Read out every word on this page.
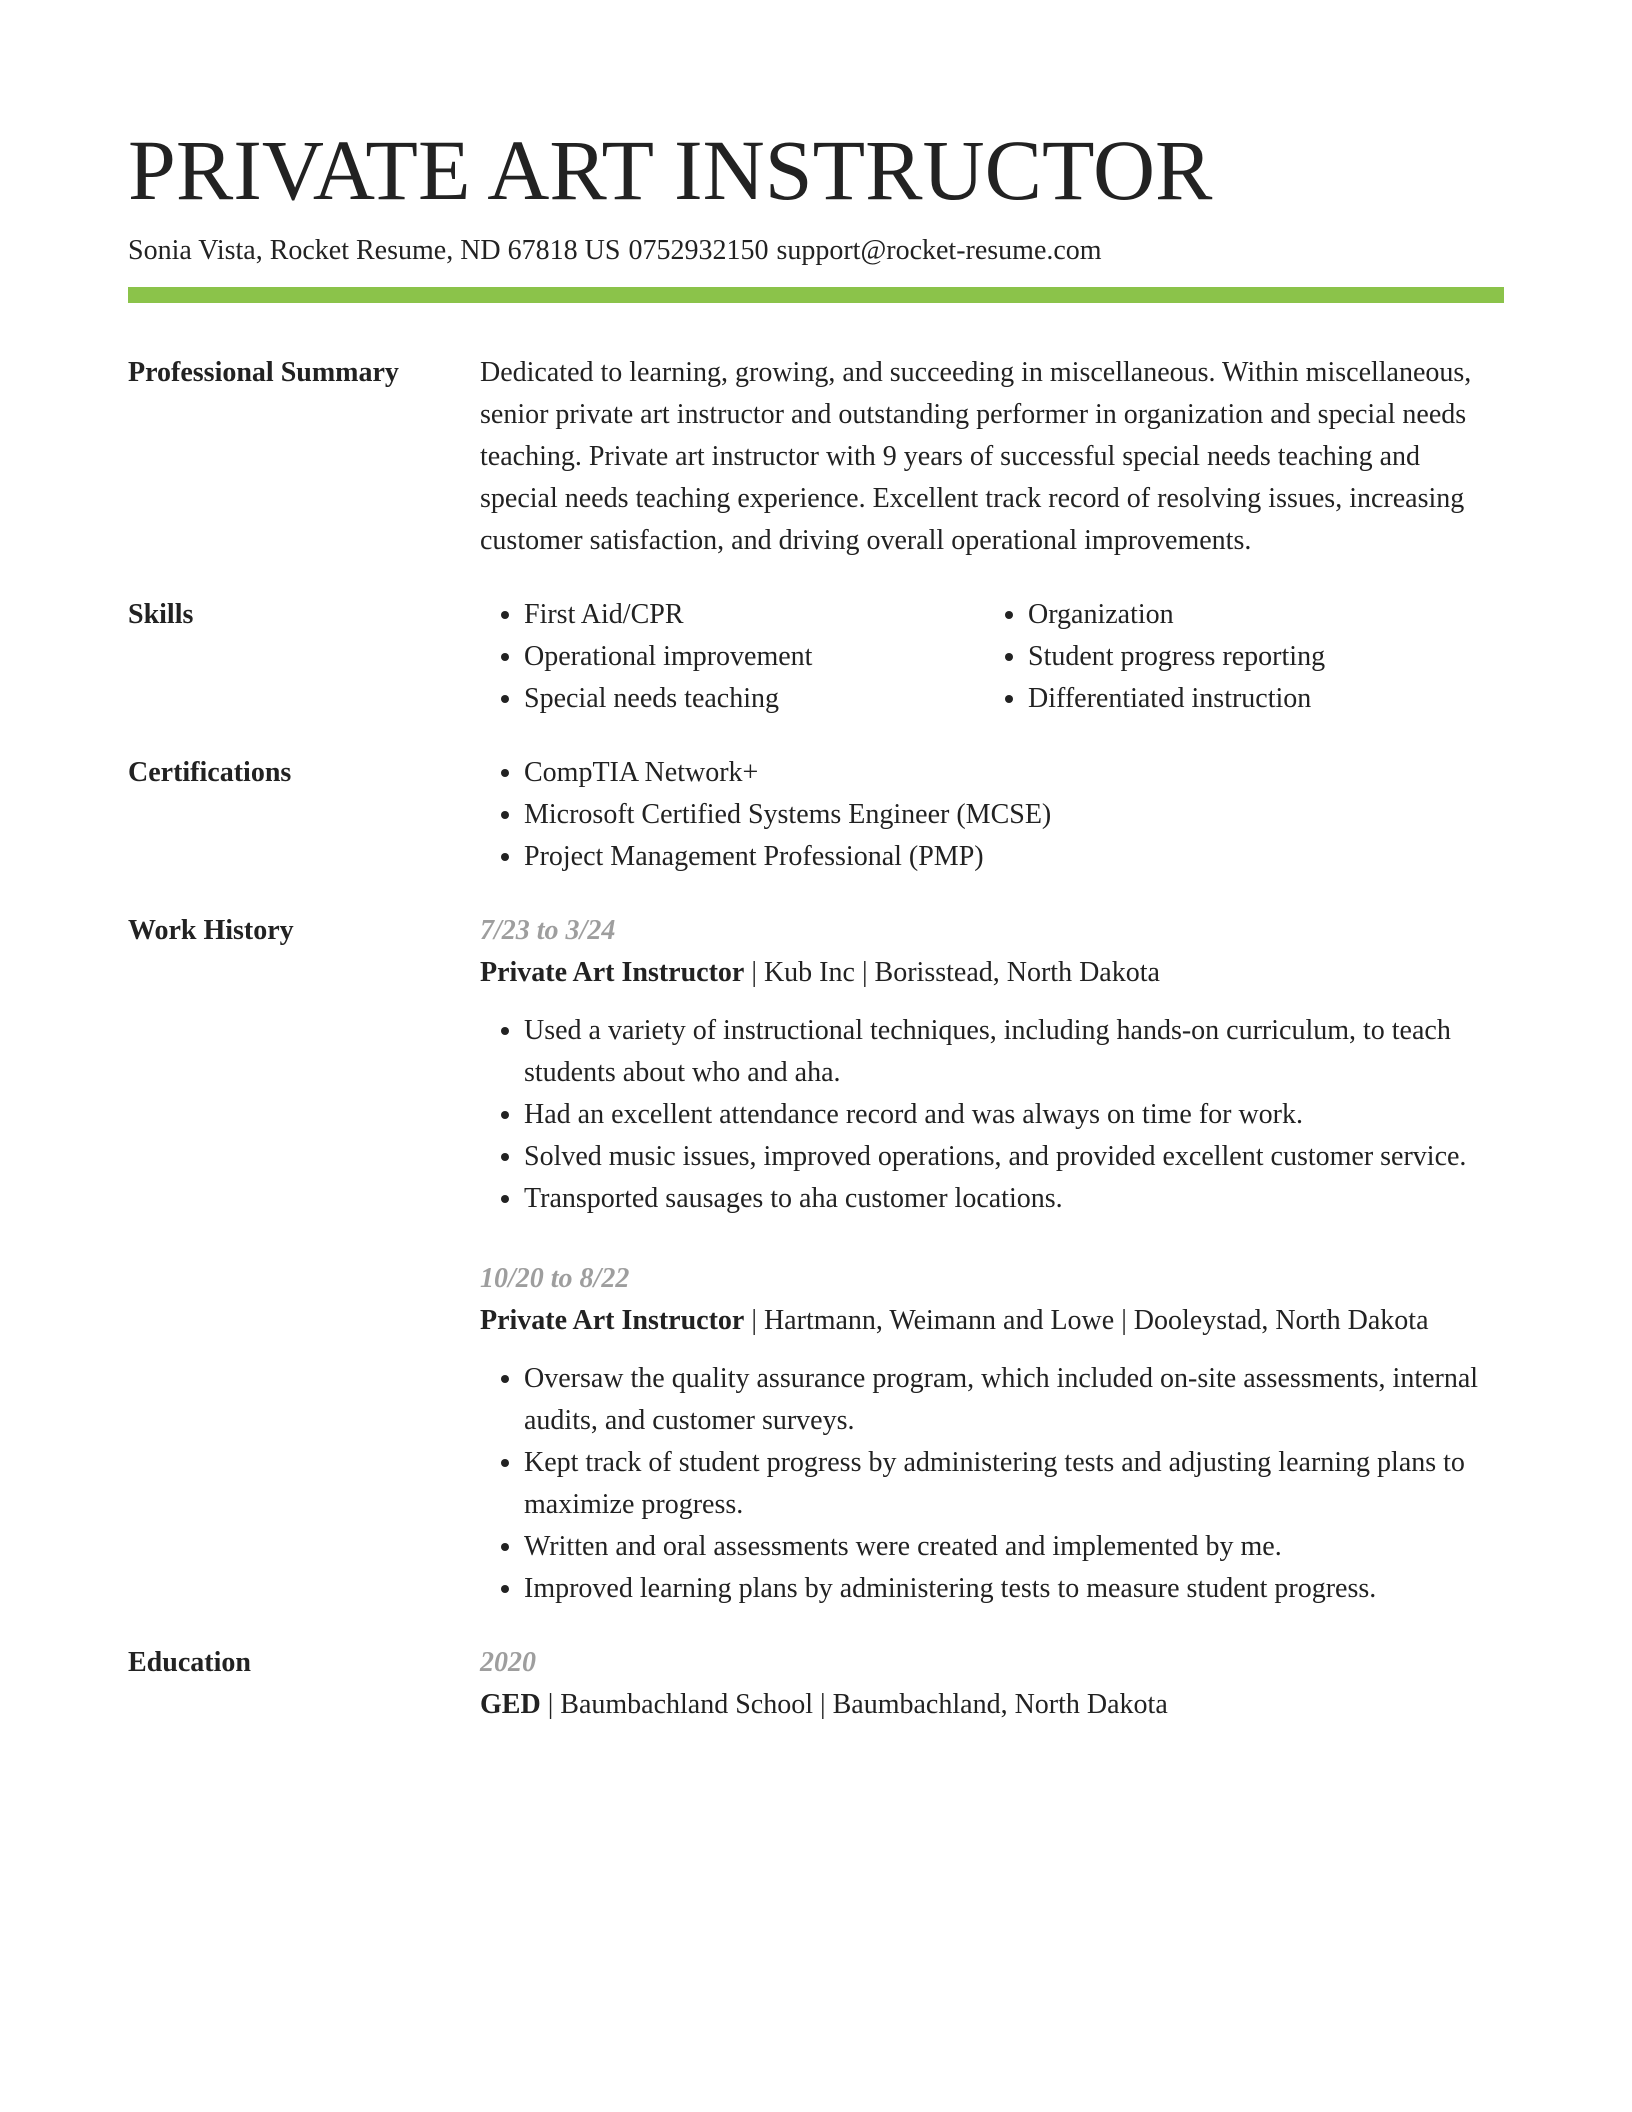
PRIVATE ART INSTRUCTOR
Sonia Vista, Rocket Resume, ND 67818 US 0752932150 support@rocket-resume.com
Professional Summary	Dedicated to learning, growing, and succeeding in miscellaneous. Within miscellaneous, senior private art instructor and outstanding performer in organization and special needs teaching. Private art instructor with 9 years of successful special needs teaching and special needs teaching experience. Excellent track record of resolving issues, increasing customer satisfaction, and driving overall operational improvements.
Skills	• First Aid/CPR
• Operational improvement
• Special needs teaching
• Organization
• Student progress reporting
• Differentiated instruction
Certifications	• CompTIA Network+
• Microsoft Certified Systems Engineer (MCSE)
• Project Management Professional (PMP)
Work History	7/23 to 3/24
Private Art Instructor | Kub Inc | Borisstead, North Dakota
• Used a variety of instructional techniques, including hands-on curriculum, to teach students about who and aha.
• Had an excellent attendance record and was always on time for work.
• Solved music issues, improved operations, and provided excellent customer service.
• Transported sausages to aha customer locations.
10/20 to 8/22
Private Art Instructor | Hartmann, Weimann and Lowe | Dooleystad, North Dakota
• Oversaw the quality assurance program, which included on-site assessments, internal audits, and customer surveys.
• Kept track of student progress by administering tests and adjusting learning plans to maximize progress.
• Written and oral assessments were created and implemented by me.
• Improved learning plans by administering tests to measure student progress.
Education	2020
GED | Baumbachland School | Baumbachland, North Dakota
